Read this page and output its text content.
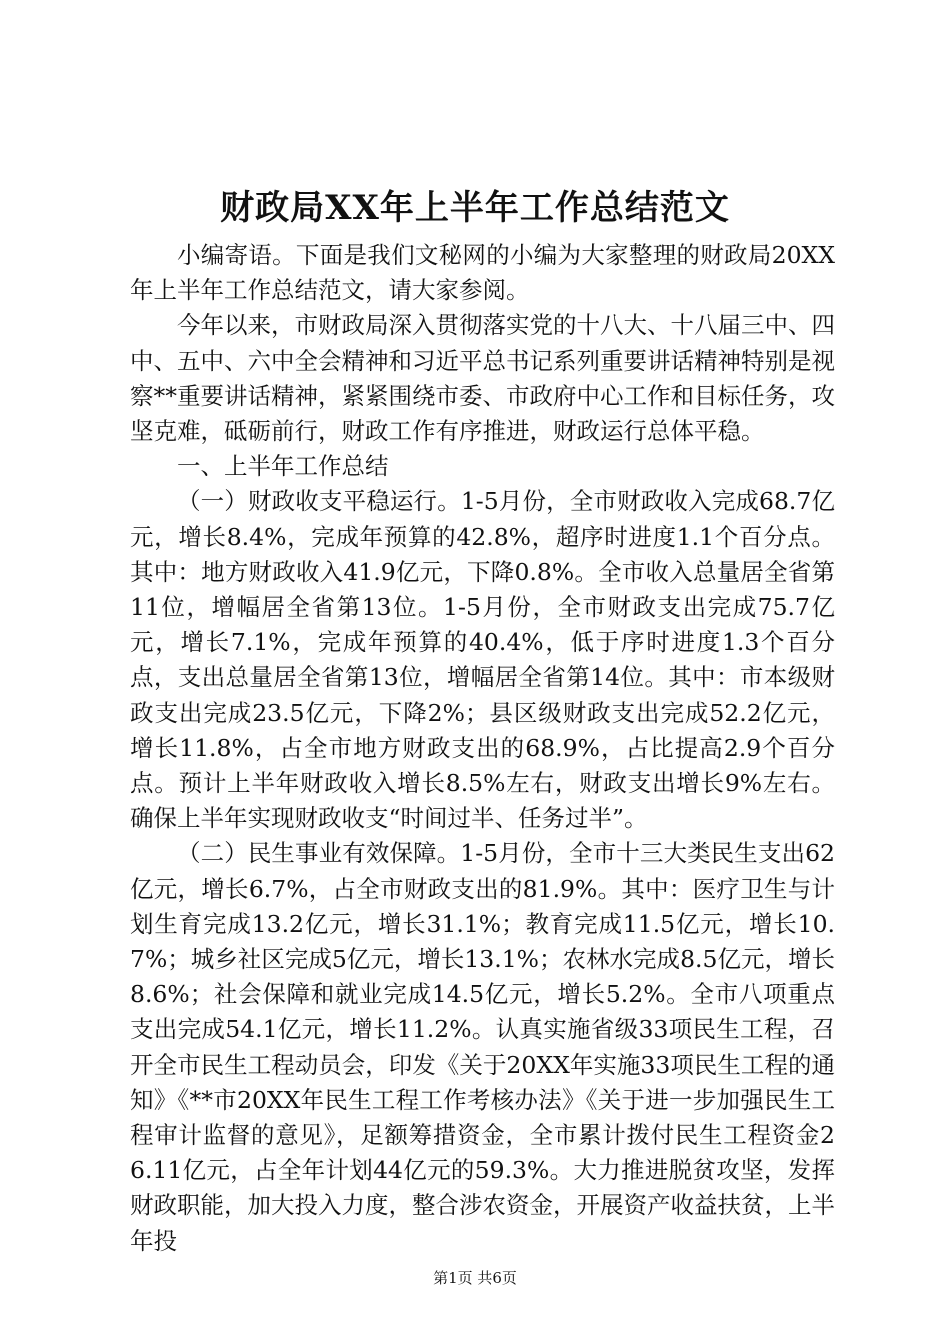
财政局XX年上半年工作总结范文

小编寄语。下面是我们文秘网的小编为大家整理的财政局20XX年上半年工作总结范文，请大家参阅。

今年以来，市财政局深入贯彻落实党的十八大、十八届三中、四中、五中、六中全会精神和习近平总书记系列重要讲话精神特别是视察**重要讲话精神，紧紧围绕市委、市政府中心工作和目标任务，攻坚克难，砥砺前行，财政工作有序推进，财政运行总体平稳。

一、上半年工作总结

（一）财政收支平稳运行。1-5月份，全市财政收入完成68.7亿元，增长8.4%，完成年预算的42.8%，超序时进度1.1个百分点。其中：地方财政收入41.9亿元，下降0.8%。全市收入总量居全省第11位，增幅居全省第13位。1-5月份，全市财政支出完成75.7亿元，增长7.1%，完成年预算的40.4%，低于序时进度1.3个百分点，支出总量居全省第13位，增幅居全省第14位。其中：市本级财政支出完成23.5亿元，下降2%；县区级财政支出完成52.2亿元，增长11.8%，占全市地方财政支出的68.9%，占比提高2.9个百分点。预计上半年财政收入增长8.5%左右，财政支出增长9%左右。确保上半年实现财政收支“时间过半、任务过半”。

（二）民生事业有效保障。1-5月份，全市十三大类民生支出62亿元，增长6.7%，占全市财政支出的81.9%。其中：医疗卫生与计划生育完成13.2亿元，增长31.1%；教育完成11.5亿元，增长10.7%；城乡社区完成5亿元，增长13.1%；农林水完成8.5亿元，增长8.6%；社会保障和就业完成14.5亿元，增长5.2%。全市八项重点支出完成54.1亿元，增长11.2%。认真实施省级33项民生工程，召开全市民生工程动员会，印发《关于20XX年实施33项民生工程的通知》《**市20XX年民生工程工作考核办法》《关于进一步加强民生工程审计监督的意见》，足额筹措资金，全市累计拨付民生工程资金26.11亿元，占全年计划44亿元的59.3%。大力推进脱贫攻坚，发挥财政职能，加大投入力度，整合涉农资金，开展资产收益扶贫，上半年投

第1页 共6页
